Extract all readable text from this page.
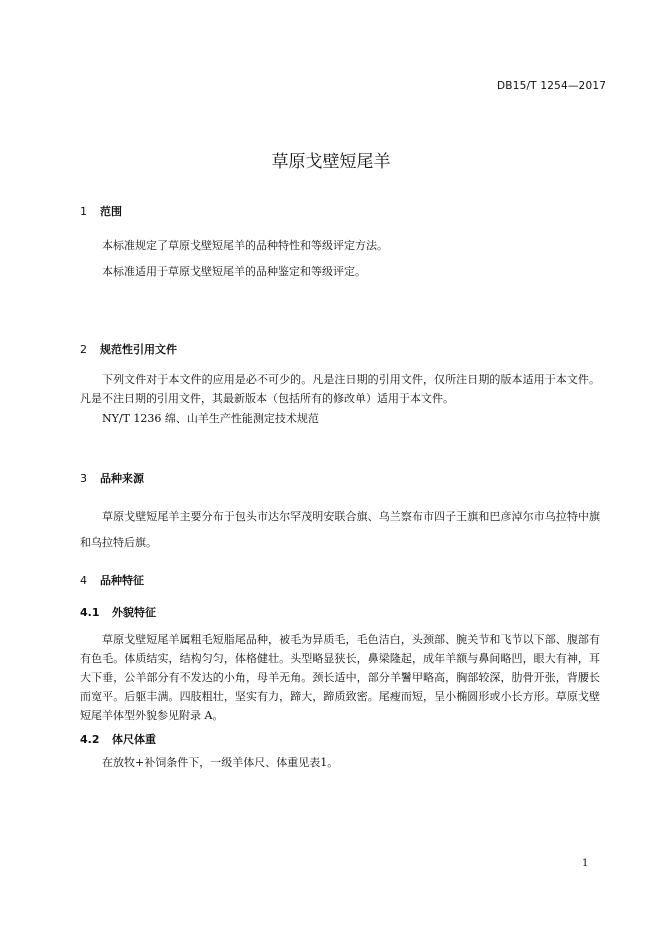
DB15/T 1254—2017
草原戈壁短尾羊
1 范围
本标准规定了草原戈壁短尾羊的品种特性和等级评定方法。
本标准适用于草原戈壁短尾羊的品种鉴定和等级评定。
2 规范性引用文件
下列文件对于本文件的应用是必不可少的。凡是注日期的引用文件，仅所注日期的版本适用于本文件。凡是不注日期的引用文件，其最新版本（包括所有的修改单）适用于本文件。
NY/T 1236 绵、山羊生产性能测定技术规范
3 品种来源
草原戈壁短尾羊主要分布于包头市达尔罕茂明安联合旗、乌兰察布市四子王旗和巴彦淖尔市乌拉特中旗和乌拉特后旗。
4 品种特征
4.1 外貌特征
草原戈壁短尾羊属粗毛短脂尾品种，被毛为异质毛，毛色洁白，头颈部、腕关节和飞节以下部、腹部有有色毛。体质结实，结构匀匀，体格健壮。头型略显狭长，鼻梁隆起，成年羊额与鼻间略凹，眼大有神，耳大下垂，公羊部分有不发达的小角，母羊无角。颈长适中，部分羊鬐甲略高，胸部较深，肋骨开张，背腰长而宽平。后躯丰满。四肢粗壮，坚实有力，蹄大，蹄质致密。尾瘦而短，呈小椭圆形或小长方形。草原戈壁短尾羊体型外貌参见附录 A。
4.2 体尺体重
在放牧+补饲条件下，一级羊体尺、体重见表1。
1
